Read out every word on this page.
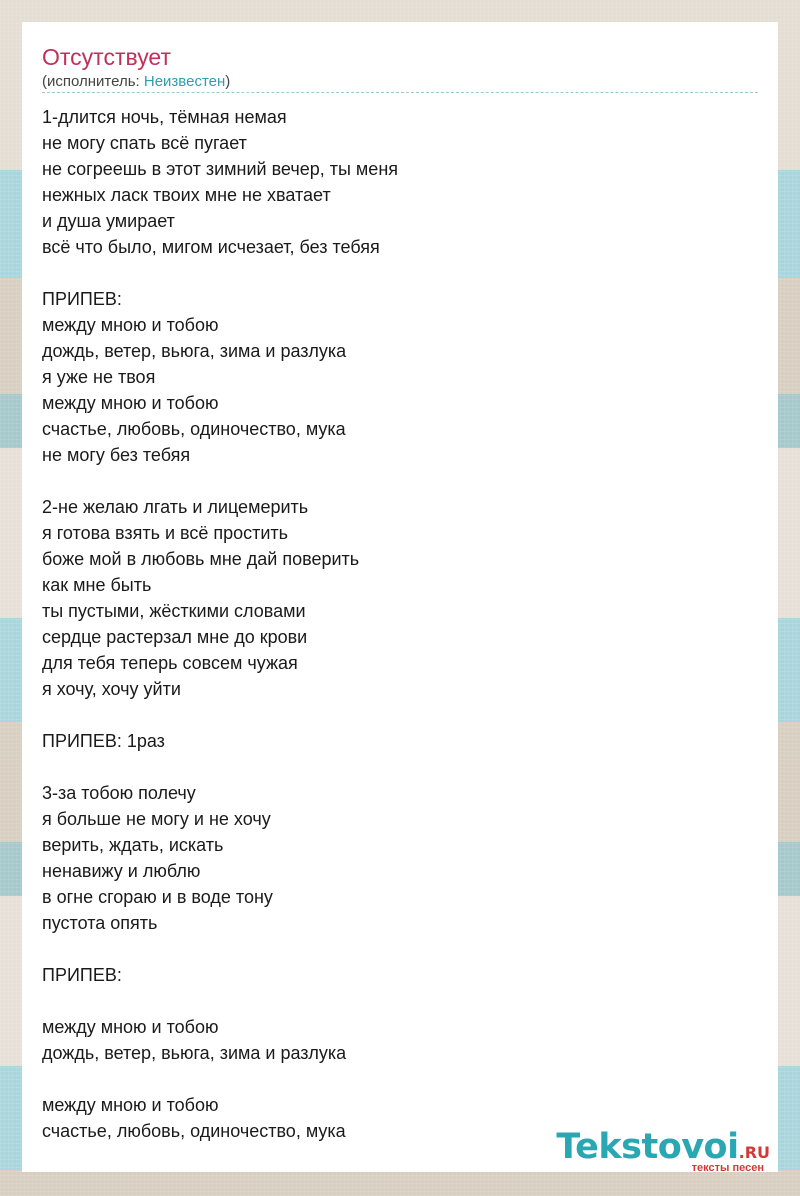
Отсутствует
(исполнитель: Неизвестен)
1-длится ночь, тёмная немая
не могу спать всё пугает
не согреешь в этот зимний вечер, ты меня
нежных ласк твоих мне не хватает
и душа умирает
всё что было, мигом исчезает, без тебяя
ПРИПЕВ:
между мною и тобою
дождь, ветер, вьюга, зима и разлука
я уже не твоя
между мною и тобою
счастье, любовь, одиночество, мука
не могу без тебяя
2-не желаю лгать и лицемерить
я готова взять и всё простить
боже мой в любовь мне дай поверить
как мне быть
ты пустыми, жёсткими словами
сердце растерзал мне до крови
для тебя теперь совсем чужая
я хочу, хочу уйти
ПРИПЕВ: 1раз
3-за тобою полечу
я больше не могу и не хочу
верить, ждать, искать
ненавижу и люблю
в огне сгораю и в воде тону
пустота опять
ПРИПЕВ:
между мною и тобою
дождь, ветер, вьюга, зима и разлука
между мною и тобою
счастье, любовь, одиночество, мука	Tekstovoi.RU
тексты песен
